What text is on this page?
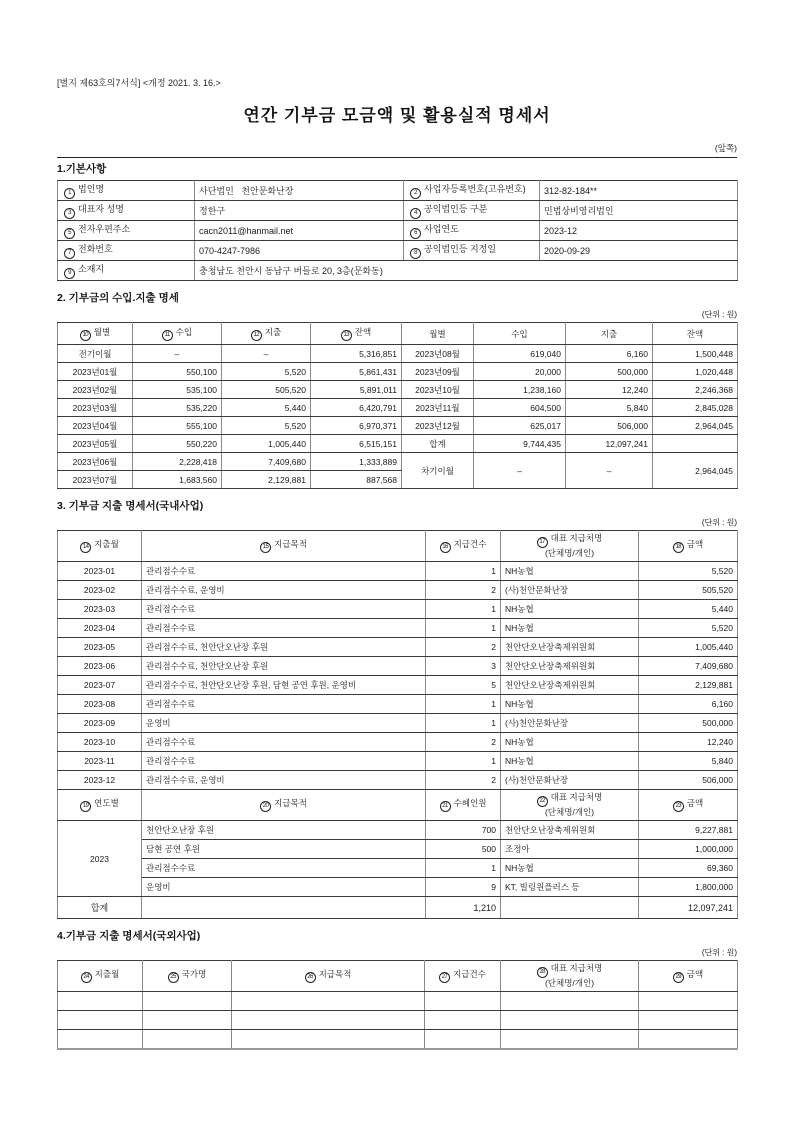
[별지 제63호의7서식] <개정 2021. 3. 16.>
연간 기부금 모금액 및 활용실적 명세서
(앞쪽)
1.기본사항
1 법인명	사단법인   천안문화난장	2 사업자등록번호(고유번호)	312-82-184**
3 대표자 성명	정한구	4 공익법인등 구분	민법상비영리법인
5 전자우편주소	cacn2011@hanmail.net	6 사업연도	2023-12
7 전화번호	070-4247-7986	8 공익법인등 지정일	2020-09-29
9 소재지	충청남도 천안시 동남구 버들로 20, 3층(문화동)		
2. 기부금의 수입.지출 명세
(단위 : 원)
10 월별	11 수입	12 지출	13 잔액	월별	수입	지출	잔액
전기이월	–	–	5,316,851	2023년08월	619,040	6,160	1,500,448
2023년01월	550,100	5,520	5,861,431	2023년09월	20,000	500,000	1,020,448
2023년02월	535,100	505,520	5,891,011	2023년10월	1,238,160	12,240	2,246,368
2023년03월	535,220	5,440	6,420,791	2023년11월	604,500	5,840	2,845,028
2023년04월	555,100	5,520	6,970,371	2023년12월	625,017	506,000	2,964,045
2023년05월	550,220	1,005,440	6,515,151	합계	9,744,435	12,097,241	
2023년06월	2,228,418	7,409,680	1,333,889	차기이월	–	–	2,964,045
2023년07월	1,683,560	2,129,881	887,568				
3. 기부금 지출 명세서(국내사업)
(단위 : 원)
14 지출월	15 지급목적	16 지급건수	17 대표 지급처명
(단체명/개인)	18 금액
2023-01	관리점수수료	1	NH농협	5,520
2023-02	관리점수수료, 운영비	2	(사)천안문화난장	505,520
2023-03	관리점수수료	1	NH농협	5,440
2023-04	관리점수수료	1	NH농협	5,520
2023-05	관리점수수료, 천안단오난장 후원	2	천안단오난장축제위원회	1,005,440
2023-06	관리점수수료, 천안단오난장 후원	3	천안단오난장축제위원회	7,409,680
2023-07	관리점수수료, 천안단오난장 후원, 담현 공연 후원, 운영비	5	천안단오난장축제위원회	2,129,881
2023-08	관리점수수료	1	NH농협	6,160
2023-09	운영비	1	(사)천안문화난장	500,000
2023-10	관리점수수료	2	NH농협	12,240
2023-11	관리점수수료	1	NH농협	5,840
2023-12	관리점수수료, 운영비	2	(사)천안문화난장	506,000
19 연도별	20 지급목적	21 수혜인원	22 대표 지급처명
(단체명/개인)	23 금액
2023	천안단오난장 후원	700	천안단오난장축제위원회	9,227,881
	담현 공연 후원	500	조정아	1,000,000
	관리점수수료	1	NH농협	69,360
	운영비	9	KT, 빌링원플러스 등	1,800,000
합계		1,210		12,097,241
4.기부금 지출 명세서(국외사업)
(단위 : 원)
24 지출월	25 국가명	26 지급목적	27 지급건수	28 대표 지급처명
(단체명/개인)	29 금액
